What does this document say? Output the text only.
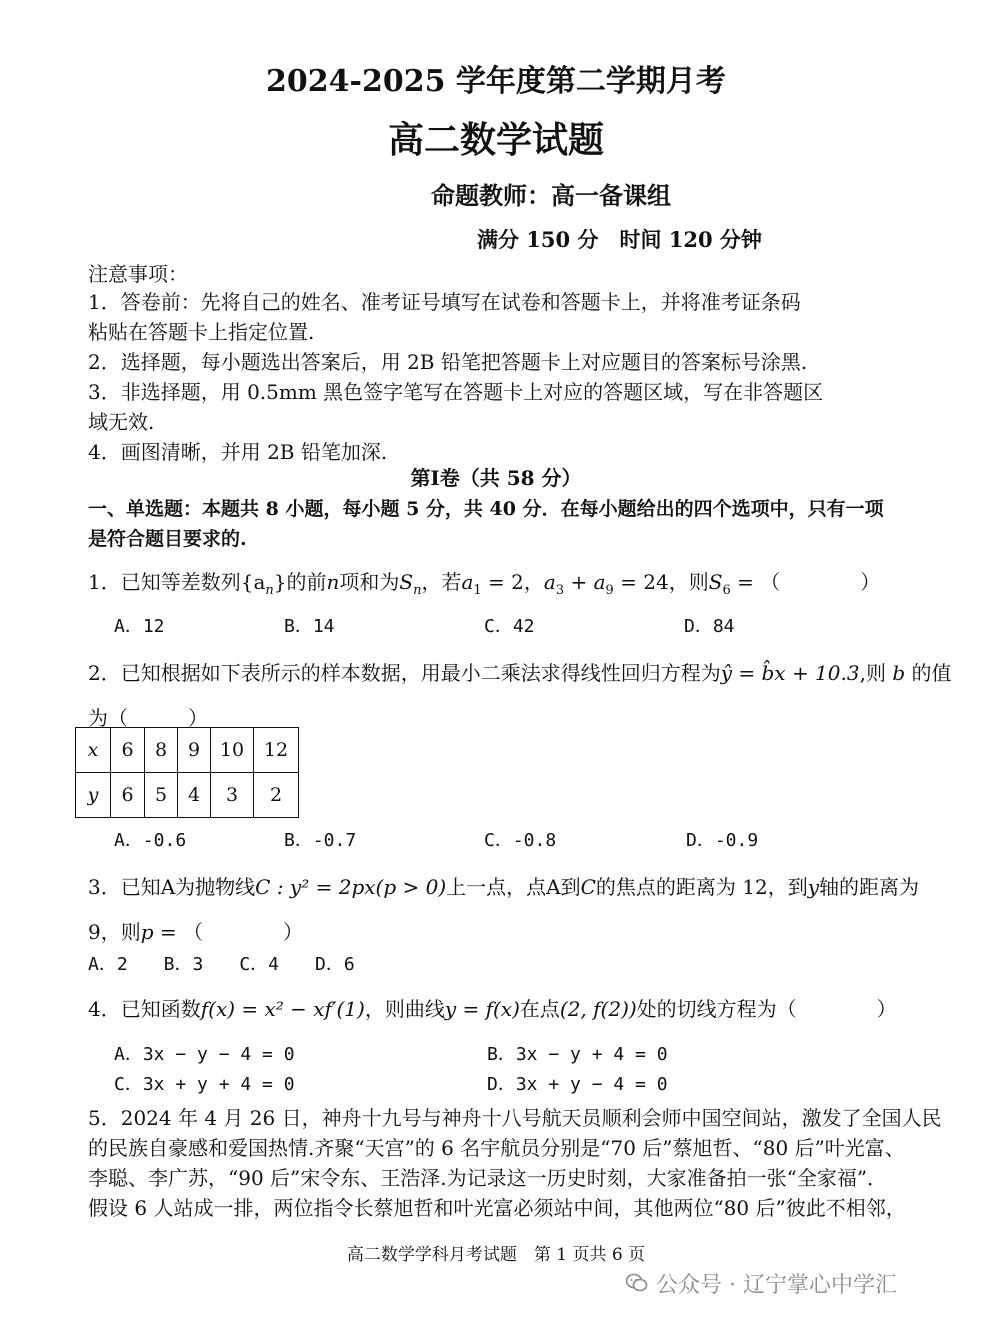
2024-2025 学年度第二学期月考
高二数学试题
命题教师：高一备课组
满分 150 分　时间 120 分钟
注意事项：
1．答卷前：先将自己的姓名、准考证号填写在试卷和答题卡上，并将准考证条码
粘贴在答题卡上指定位置.
2．选择题，每小题选出答案后，用 2B 铅笔把答题卡上对应题目的答案标号涂黑.
3．非选择题，用 0.5mm 黑色签字笔写在答题卡上对应的答题区域，写在非答题区
域无效.
4．画图清晰，并用 2B 铅笔加深.
第Ⅰ卷（共 58 分）
一、单选题：本题共 8 小题，每小题 5 分，共 40 分．在每小题给出的四个选项中，只有一项
是符合题目要求的.
1．已知等差数列$\{a_n\}$的前n项和为$S_n$，若$a_1 = 2$，$a_3 + a_9 = 24$，则$S_6$ = （　　　　）
A．12	B．14	C．42	D．84
2．已知根据如下表所示的样本数据，用最小二乘法求得线性回归方程为ŷ = b̂x + 10.3,则 b 的值
为（　　　）
x	6	8	9	10	12
y	6	5	4	3	2
A．-0.6	B．-0.7	C．-0.8	D．-0.9
3．已知A为抛物线C : y² = 2px(p > 0)上一点，点A到C的焦点的距离为 12，到y轴的距离为
9，则p = （　　　　）
A．2　　B．3　　C．4　　D．6
4．已知函数f(x) = x² − xf′(1)，则曲线y = f(x)在点(2, f(2))处的切线方程为（　　　　）
A．3x − y − 4 = 0	B．3x − y + 4 = 0
C．3x + y + 4 = 0	D．3x + y − 4 = 0
5．2024 年 4 月 26 日，神舟十九号与神舟十八号航天员顺利会师中国空间站，激发了全国人民
的民族自豪感和爱国热情.齐聚“天宫”的 6 名宇航员分别是“70 后”蔡旭哲、“80 后”叶光富、
李聪、李广苏，“90 后”宋令东、王浩泽.为记录这一历史时刻，大家准备拍一张“全家福”．
假设 6 人站成一排，两位指令长蔡旭哲和叶光富必须站中间，其他两位“80 后”彼此不相邻，
高二数学学科月考试题　第 1 页共 6 页
公众号 · 辽宁掌心中学汇
